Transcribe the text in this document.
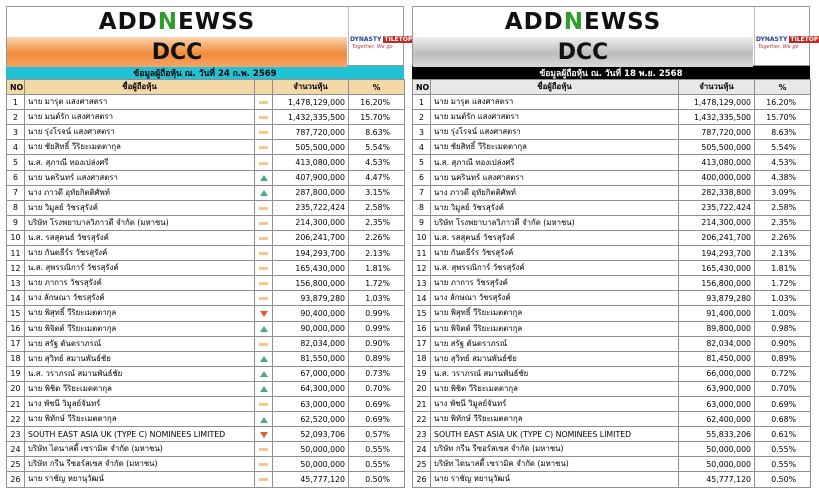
ADD N EWSS
DCC	DYNASTY TILETOP
Together, We go
ข้อมูลผู้ถือหุ้น ณ. วันที่ 24 ก.พ. 2569
NO	ชื่อผู้ถือหุ้น		จำนวนหุ้น	%
1	นาย มารุต แสงศาสตรา		1,478,129,000	16.20%
2	นาย มนต์รัก แสงศาสตรา		1,432,335,500	15.70%
3	นาย รุ่งโรจน์ แสงศาสตรา		787,720,000	8.63%
4	นาย ชัยสิทธิ์ วีริยะเมตตากุล		505,500,000	5.54%
5	น.ส. สุภาณี ทองเปล่งศรี		413,080,000	4.53%
6	นาย นครินทร์ แสงศาสตรา		407,900,000	4.47%
7	นาง ภาวดี อุทัยกิตติศัพท์		287,800,000	3.15%
8	นาย วิมูลย์ วัชรสุรังค์		235,722,424	2.58%
9	บริษัท โรงพยาบาลวิภาวดี จำกัด (มหาชน)		214,300,000	2.35%
10	น.ส. รสสุคนธ์ วัชรสุรังค์		206,241,700	2.26%
11	นาย กันตธีร์ร วัชรสุรังค์		194,293,700	2.13%
12	น.ส. สุพรรณิการ์ วัชรสุรังค์		165,430,000	1.81%
13	นาย ภาการ วัชรสุรังค์		156,800,000	1.72%
14	นาง ลักษณา วัชรสุรังค์		93,879,280	1.03%
15	นาย พิสุทธิ์ วีริยะเมตตากุล		90,400,000	0.99%
16	นาย พิจิตต์ วีริยะเมตตากุล		90,000,000	0.99%
17	นาย สรัฐ ตันตราภรณ์		82,034,000	0.90%
18	นาย สุวิทย์ สมานพันธ์ชัย		81,550,000	0.89%
19	น.ส. วราภรณ์ สมานพันธ์ชัย		67,000,000	0.73%
20	นาย พิชิต วีริยะเมตตากุล		64,300,000	0.70%
21	นาง พัชนี วิมูลย์จันทร์		63,000,000	0.69%
22	นาย พิทักษ์ วีริยะเมตตากุล		62,520,000	0.69%
23	SOUTH EAST ASIA UK (TYPE C) NOMINEES LIMITED		52,093,706	0.57%
24	บริษัท ไดนาสตี้ เซรามิค จำกัด (มหาชน)		50,000,000	0.55%
25	บริษัท กรีน รีซอร์สเซส จำกัด (มหาชน)		50,000,000	0.55%
26	นาย ราชัญ หยานุวัฒน์		45,777,120	0.50%
ADD N EWSS
DCC	DYNASTY TILETOP
Together, We go
ข้อมูลผู้ถือหุ้น ณ. วันที่ 18 พ.ย. 2568
NO	ชื่อผู้ถือหุ้น	จำนวนหุ้น	%
1	นาย มารุต แสงศาสตรา	1,478,129,000	16.20%
2	นาย มนต์รัก แสงศาสตรา	1,432,335,500	15.70%
3	นาย รุ่งโรจน์ แสงศาสตรา	787,720,000	8.63%
4	นาย ชัยสิทธิ์ วีริยะเมตตากุล	505,500,000	5.54%
5	น.ส. สุภาณี ทองเปล่งศรี	413,080,000	4.53%
6	นาย นครินทร์ แสงศาสตรา	400,000,000	4.38%
7	นาง ภาวดี อุทัยกิตติศัพท์	282,338,800	3.09%
8	นาย วิมูลย์ วัชรสุรังค์	235,722,424	2.58%
9	บริษัท โรงพยาบาลวิภาวดี จำกัด (มหาชน)	214,300,000	2.35%
10	น.ส. รสสุคนธ์ วัชรสุรังค์	206,241,700	2.26%
11	นาย กันตธีร์ร วัชรสุรังค์	194,293,700	2.13%
12	น.ส. สุพรรณิการ์ วัชรสุรังค์	165,430,000	1.81%
13	นาย ภาการ วัชรสุรังค์	156,800,000	1.72%
14	นาง ลักษณา วัชรสุรังค์	93,879,280	1.03%
15	นาย พิสุทธิ์ วีริยะเมตตากุล	91,400,000	1.00%
16	นาย พิจิตต์ วีริยะเมตตากุล	89,800,000	0.98%
17	นาย สรัฐ ตันตราภรณ์	82,034,000	0.90%
18	นาย สุวิทย์ สมานพันธ์ชัย	81,450,000	0.89%
19	น.ส. วราภรณ์ สมานพันธ์ชัย	66,000,000	0.72%
20	นาย พิชิต วีริยะเมตตากุล	63,900,000	0.70%
21	นาง พัชนี วิมูลย์จันทร์	63,000,000	0.69%
22	นาย พิทักษ์ วีริยะเมตตากุล	62,400,000	0.68%
23	SOUTH EAST ASIA UK (TYPE C) NOMINEES LIMITED	55,833,206	0.61%
24	บริษัท กรีน รีซอร์สเซส จำกัด (มหาชน)	50,000,000	0.55%
25	บริษัท ไดนาสตี้ เซรามิค จำกัด (มหาชน)	50,000,000	0.55%
26	นาย ราชัญ หยานุวัฒน์	45,777,120	0.50%
